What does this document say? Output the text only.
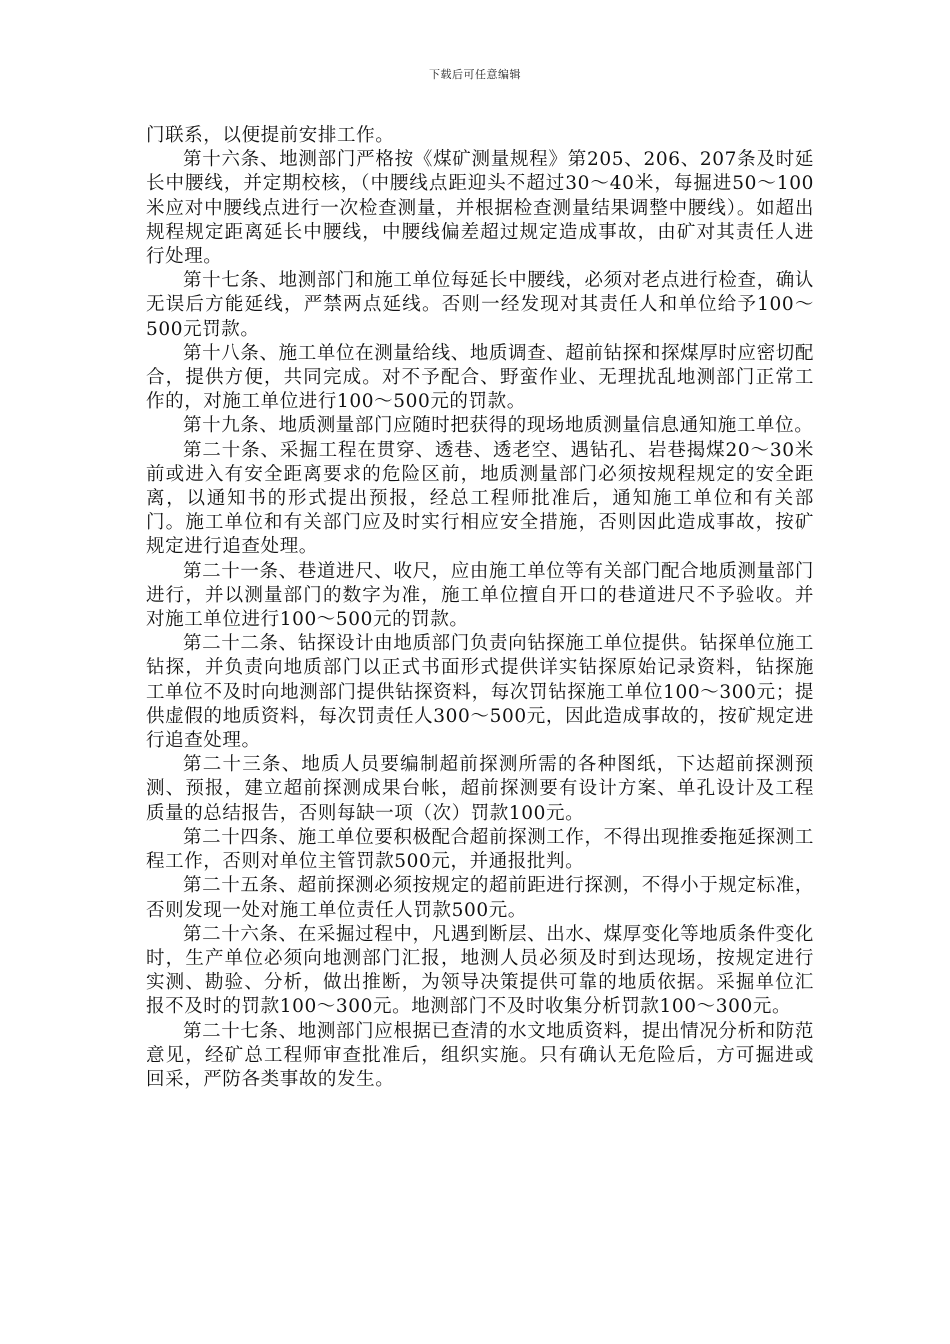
下载后可任意编辑

门联系，以便提前安排工作。

第十六条、地测部门严格按《煤矿测量规程》第205、206、207条及时延长中腰线，并定期校核，（中腰线点距迎头不超过30～40米，每掘进50～100米应对中腰线点进行一次检查测量，并根据检查测量结果调整中腰线）。如超出规程规定距离延长中腰线，中腰线偏差超过规定造成事故，由矿对其责任人进行处理。

第十七条、地测部门和施工单位每延长中腰线，必须对老点进行检查，确认无误后方能延线，严禁两点延线。否则一经发现对其责任人和单位给予100～500元罚款。

第十八条、施工单位在测量给线、地质调查、超前钻探和探煤厚时应密切配合，提供方便，共同完成。对不予配合、野蛮作业、无理扰乱地测部门正常工作的，对施工单位进行100～500元的罚款。

第十九条、地质测量部门应随时把获得的现场地质测量信息通知施工单位。

第二十条、采掘工程在贯穿、透巷、透老空、遇钻孔、岩巷揭煤20～30米前或进入有安全距离要求的危险区前，地质测量部门必须按规程规定的安全距离，以通知书的形式提出预报，经总工程师批准后，通知施工单位和有关部门。施工单位和有关部门应及时实行相应安全措施，否则因此造成事故，按矿规定进行追查处理。

第二十一条、巷道进尺、收尺，应由施工单位等有关部门配合地质测量部门进行，并以测量部门的数字为准，施工单位擅自开口的巷道进尺不予验收。并对施工单位进行100～500元的罚款。

第二十二条、钻探设计由地质部门负责向钻探施工单位提供。钻探单位施工钻探，并负责向地质部门以正式书面形式提供详实钻探原始记录资料，钻探施工单位不及时向地测部门提供钻探资料，每次罚钻探施工单位100～300元；提供虚假的地质资料，每次罚责任人300～500元，因此造成事故的，按矿规定进行追查处理。

第二十三条、地质人员要编制超前探测所需的各种图纸，下达超前探测预测、预报，建立超前探测成果台帐，超前探测要有设计方案、单孔设计及工程质量的总结报告，否则每缺一项（次）罚款100元。

第二十四条、施工单位要积极配合超前探测工作，不得出现推委拖延探测工程工作，否则对单位主管罚款500元，并通报批判。

第二十五条、超前探测必须按规定的超前距进行探测，不得小于规定标准，否则发现一处对施工单位责任人罚款500元。

第二十六条、在采掘过程中，凡遇到断层、出水、煤厚变化等地质条件变化时，生产单位必须向地测部门汇报，地测人员必须及时到达现场，按规定进行实测、勘验、分析，做出推断，为领导决策提供可靠的地质依据。采掘单位汇报不及时的罚款100～300元。地测部门不及时收集分析罚款100～300元。

第二十七条、地测部门应根据已查清的水文地质资料，提出情况分析和防范意见，经矿总工程师审查批准后，组织实施。只有确认无危险后，方可掘进或回采，严防各类事故的发生。
